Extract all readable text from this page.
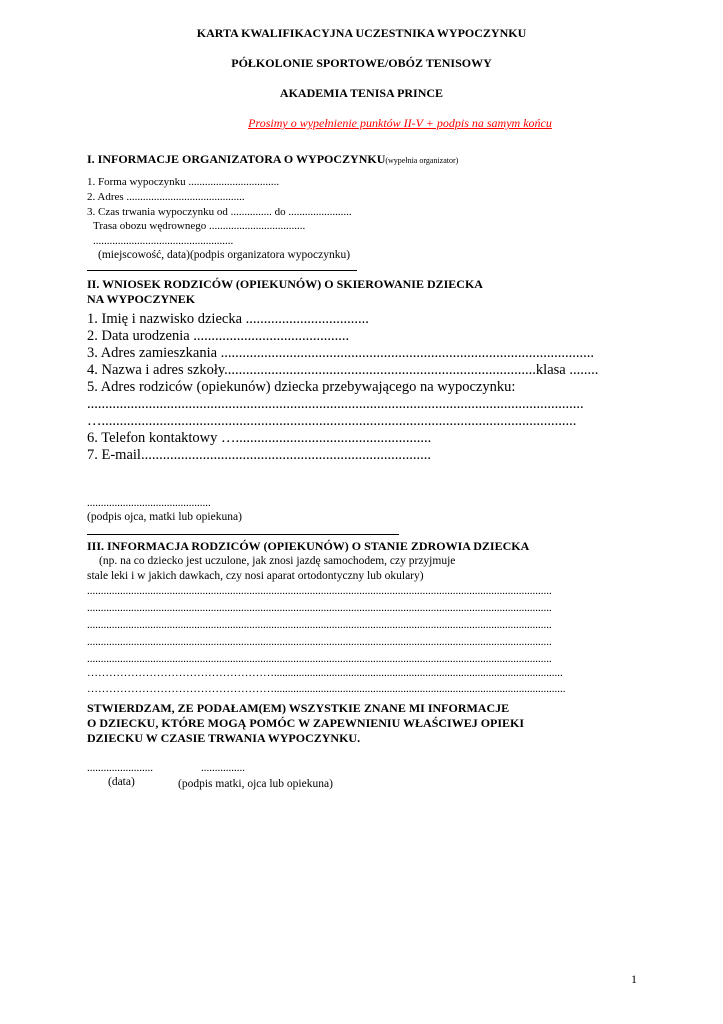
KARTA KWALIFIKACYJNA UCZESTNIKA WYPOCZYNKU
PÓŁKOLONIE SPORTOWE/OBÓZ TENISOWY
AKADEMIA TENISA PRINCE
Prosimy o wypełnienie punktów II-V + podpis na samym końcu
I. INFORMACJE ORGANIZATORA O WYPOCZYNKU(wypełnia organizator)
1. Forma wypoczynku .................................
2. Adres ...........................................
3. Czas trwania wypoczynku od ............... do .......................
Trasa obozu wędrownego ...................................
...................................................
(miejscowość, data)(podpis organizatora wypoczynku)
II. WNIOSEK RODZICÓW (OPIEKUNÓW) O SKIEROWANIE DZIECKA
NA WYPOCZYNEK
1. Imię i nazwisko dziecka ..................................
2. Data urodzenia ...........................................
3. Adres zamieszkania .......................................................................................................
4. Nazwa i adres szkoły......................................................................................klasa ........
5. Adres rodziców (opiekunów) dziecka przebywającego na wypoczynku:
.........................................................................................................................................
…...................................................................................................................................
6. Telefon kontaktowy …......................................................
7. E-mail................................................................................
.............................................
(podpis ojca, matki lub opiekuna)
III. INFORMACJA RODZICÓW (OPIEKUNÓW) O STANIE ZDROWIA DZIECKA
(np. na co dziecko jest uczulone, jak znosi jazdę samochodem, czy przyjmuje
stale leki i w jakich dawkach, czy nosi aparat ortodontyczny lub okulary)
.........................................................................................................................................................................
.........................................................................................................................................................................
.........................................................................................................................................................................
.........................................................................................................................................................................
.........................................................................................................................................................................
…………………………………………….........................................................................................................
……………………………………………..........................................................................................................
STWIERDZAM, ZE PODAŁAM(EM) WSZYSTKIE ZNANE MI INFORMACJE
O DZIECKU, KTÓRE MOGĄ POMÓC W ZAPEWNIENIU WŁAŚCIWEJ OPIEKI
DZIECKU W CZASIE TRWANIA WYPOCZYNKU.
........................	................
(data)	(podpis matki, ojca lub opiekuna)
1
